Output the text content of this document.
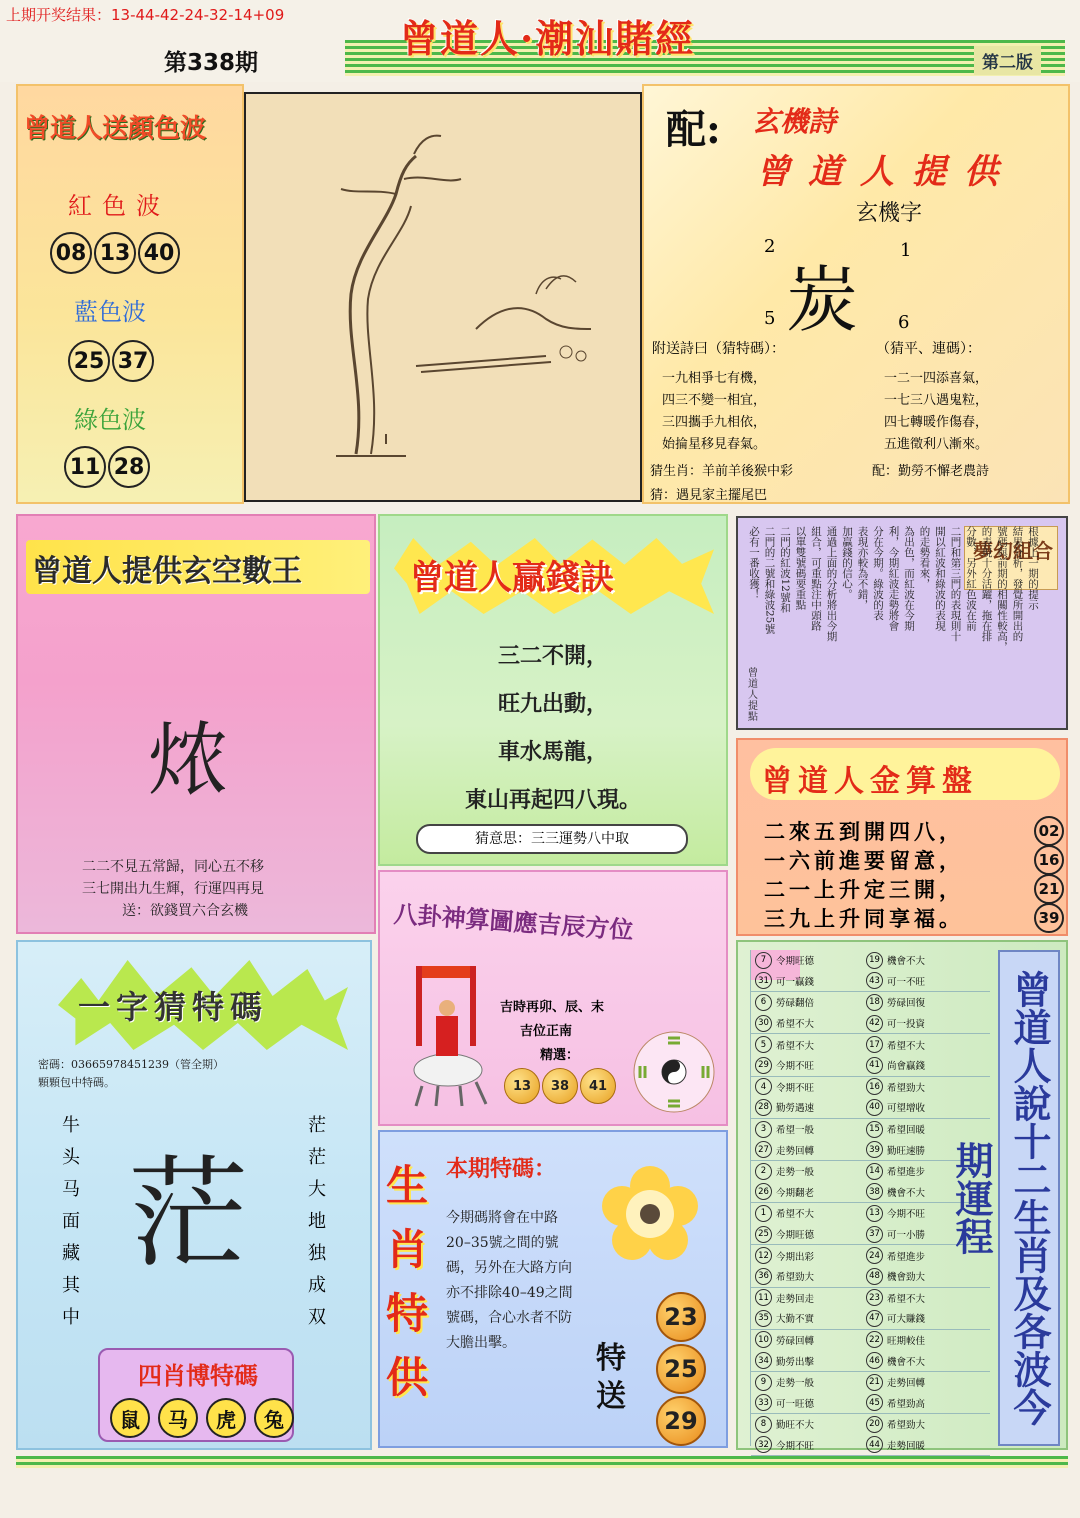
上期开奖结果：13-44-42-24-32-14+09
第338期
曾道人·潮汕賭經
第二版
曾道人送顏色波
紅色波
08 13 40
藍色波
25 37
綠色波
11 28
配: 玄機詩
曾道人提供
玄機字
2	1
炭
5	6
附送詩曰（猜特碼）：	（猜平、連碼）：
一九相爭七有機，
四三不變一相宜，
三四攜手九相依，
始掄星移見春氣。
一二一四添喜氣，
一七三八遇鬼粒，
四七轉暖作傷春，
五進徵利八漸來。
猜生肖：羊前羊後猴中彩	配：勤勞不懈老農詩
猜：遇見家主擺尾巴
曾道人提供玄空數王
㶶
二二不見五常歸，同心五不移
三七開出九生輝，行運四再見
送：欲錢買六合玄機
曾道人贏錢訣
三二不開，
旺九出動，
車水馬龍，
東山再起四八現。
猜意思：三三運勢八中取
夢幻組合
根據上一期的提示
結果分析，發覺所開出的
號碼與前期的相關性較高，
的表現十分活躍，拖在排
分數，另外紅色波在前
二門和第三門的表現則十
開以紅波和綠波的表現
的走勢看來，
為出色，而紅波在今期
利，今期紅波走勢將會
分在今期。綠波的表
表現亦較為不錯，
加贏錢的信心。
通過上面的分析將出今期
組合，可重點注中頭路
以單雙號碼要重點
二門的紅波12號和
二門的二號和綠波25號
必有一番收獲！
曾道人提點
曾道人金算盤
二來五到開四八，	02
一六前進要留意，	16
二一上升定三開，	21
三九上升同享福。	39
一字猜特碼
密碼：03665978451239（管全期）
顆顆包中特碼。
牛
头
马
面
藏
其
中
茫
茫
茫
大
地
独
成
双
四肖博特碼
鼠	马	虎	兔
八卦神算圖應吉辰方位
吉時再卯、辰、末
吉位正南
精選：
13	38	41
生
肖
特
供
本期特碼：
今期碼將會在中路20–35號之間的號碼，另外在大路方向亦不排除40–49之間號碼，合心水者不防大膽出擊。	特送
23
25
29
7	令期旺德	19 機會不大
31 可一贏錢	43 可一不旺
6	勞碌翻倍	18 勞碌回復
30 希望不大	42 可一投資
5	希望不大	17 希望不大
29 今期不旺	41 尚會贏錢
4	令期不旺	16 希望勁大
28 勤勞遇速	40 可望增收
3	希望一般	15 希望回暖
27 走勢回轉	39 勤旺速勝
2	走勢一般	14 希望進步
26 今期翻老	38 機會不大
1	希望不大	13 今期不旺
25 今期旺德	37 可一小勝
12 今期出彩	24 希望進步
36 希望勁大	48 機會勁大
11 走勢回走	23 希望不大
35 大勤不實	47 可大賺錢
10 勞碌回轉	22 旺期較佳
34 勤勞出擊	46 機會不大
9	走勢一般	21 走勢回轉
33 可一旺德	45 希望勁高
8	勤旺不大	20 希望勁大
32 今期不旺	44 走勢回暖
曾道人說十二生肖及各波今期運程
